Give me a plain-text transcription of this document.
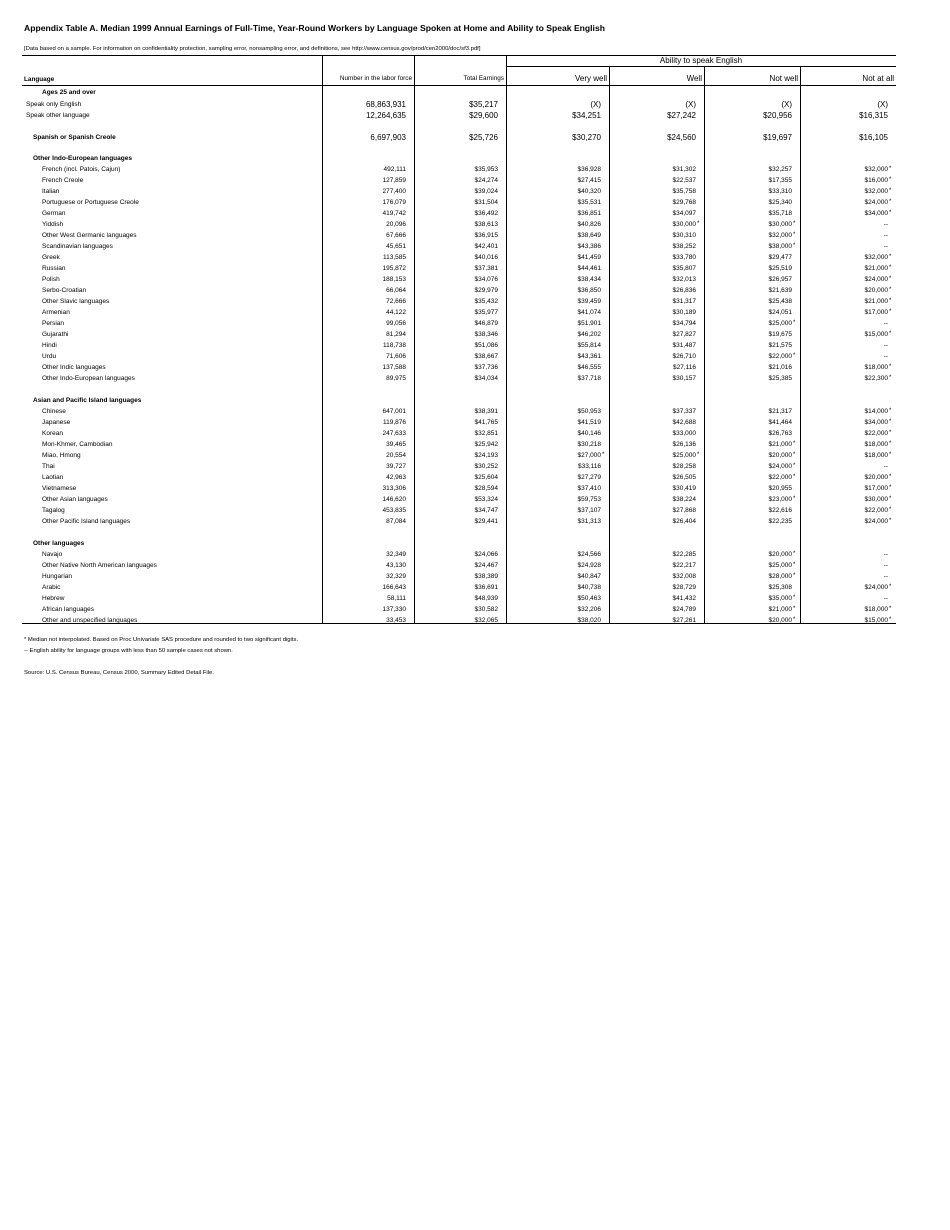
Appendix Table A. Median 1999 Annual Earnings of Full-Time, Year-Round Workers by Language Spoken at Home and Ability to Speak English
[Data based on a sample. For information on confidentiality protection, sampling error, nonsampling error, and definitions, see http://www.census.gov/prod/cen2000/doc/sf3.pdf]
Ability to speak English
Language	Number in the labor force	Total Earnings	Very well	Well	Not well	Not at all
Ages 25 and over
Speak only English	68,863,931	$35,217	(X)	(X)	(X)	(X)
Speak other language	12,264,635	$29,600	$34,251	$27,242	$20,956	$16,315
Spanish or Spanish Creole	6,697,903	$25,726	$30,270	$24,560	$19,697	$16,105
Other Indo-European languages
French (incl. Patois, Cajun)	492,111	$35,953	$36,928	$31,302	$32,257	$32,000 *
French Creole	127,859	$24,274	$27,415	$22,537	$17,355	$16,000 *
Italian	277,400	$39,024	$40,320	$35,758	$33,310	$32,000 *
Portuguese or Portuguese Creole	176,079	$31,504	$35,531	$29,768	$25,340	$24,000 *
German	419,742	$36,492	$36,851	$34,097	$35,718	$34,000 *
Yiddish	20,096	$38,613	$40,826	$30,000 *	$30,000 *	--
Other West Germanic languages	67,666	$36,915	$38,649	$30,310	$32,000 *	--
Scandinavian languages	45,651	$42,401	$43,386	$38,252	$38,000 *	--
Greek	113,585	$40,016	$41,459	$33,780	$29,477	$32,000 *
Russian	195,872	$37,381	$44,461	$35,807	$25,519	$21,000 *
Polish	188,153	$34,076	$38,434	$32,013	$26,957	$24,000 *
Serbo-Croatian	66,064	$29,979	$36,850	$26,836	$21,639	$20,000 *
Other Slavic languages	72,666	$35,432	$39,459	$31,317	$25,438	$21,000 *
Armenian	44,122	$35,977	$41,074	$30,189	$24,051	$17,000 *
Persian	99,056	$46,879	$51,901	$34,794	$25,000 *	--
Gujarathi	81,294	$38,346	$46,202	$27,827	$19,675	$15,000 *
Hindi	118,738	$51,086	$55,814	$31,487	$21,575	--
Urdu	71,606	$38,667	$43,361	$26,710	$22,000 *	--
Other Indic languages	137,588	$37,736	$46,555	$27,116	$21,016	$18,000 *
Other Indo-European languages	89,975	$34,034	$37,718	$30,157	$25,385	$22,300 *
Asian and Pacific Island languages
Chinese	647,001	$38,391	$50,953	$37,337	$21,317	$14,000 *
Japanese	119,876	$41,765	$41,519	$42,688	$41,464	$34,000 *
Korean	247,633	$32,851	$40,146	$33,000	$26,763	$22,000 *
Mon-Khmer, Cambodian	39,465	$25,942	$30,218	$26,136	$21,000 *	$18,000 *
Miao, Hmong	20,554	$24,193	$27,000 *	$25,000 *	$20,000 *	$18,000 *
Thai	39,727	$30,252	$33,116	$28,258	$24,000 *	--
Laotian	42,963	$25,604	$27,279	$26,505	$22,000 *	$20,000 *
Vietnamese	313,306	$28,594	$37,410	$30,419	$20,955	$17,000 *
Other Asian languages	146,620	$53,324	$59,753	$38,224	$23,000 *	$30,000 *
Tagalog	453,835	$34,747	$37,107	$27,868	$22,616	$22,000 *
Other Pacific Island languages	87,084	$29,441	$31,313	$26,404	$22,235	$24,000 *
Other languages
Navajo	32,349	$24,066	$24,566	$22,285	$20,000 *	--
Other Native North American languages	43,130	$24,467	$24,928	$22,217	$25,000 *	--
Hungarian	32,329	$38,389	$40,847	$32,008	$28,000 *	--
Arabic	166,643	$36,691	$40,738	$28,729	$25,308	$24,000 *
Hebrew	58,111	$48,939	$50,463	$41,432	$35,000 *	--
African languages	137,330	$30,582	$32,206	$24,789	$21,000 *	$18,000 *
Other and unspecified languages	33,453	$32,065	$38,020	$27,261	$20,000 *	$15,000 *
* Median not interpolated. Based on Proc Univariate SAS procedure and rounded to two significant digits.
-- English ability for language groups with less than 50 sample cases not shown.
Source: U.S. Census Bureau, Census 2000, Summary Edited Detail File.
